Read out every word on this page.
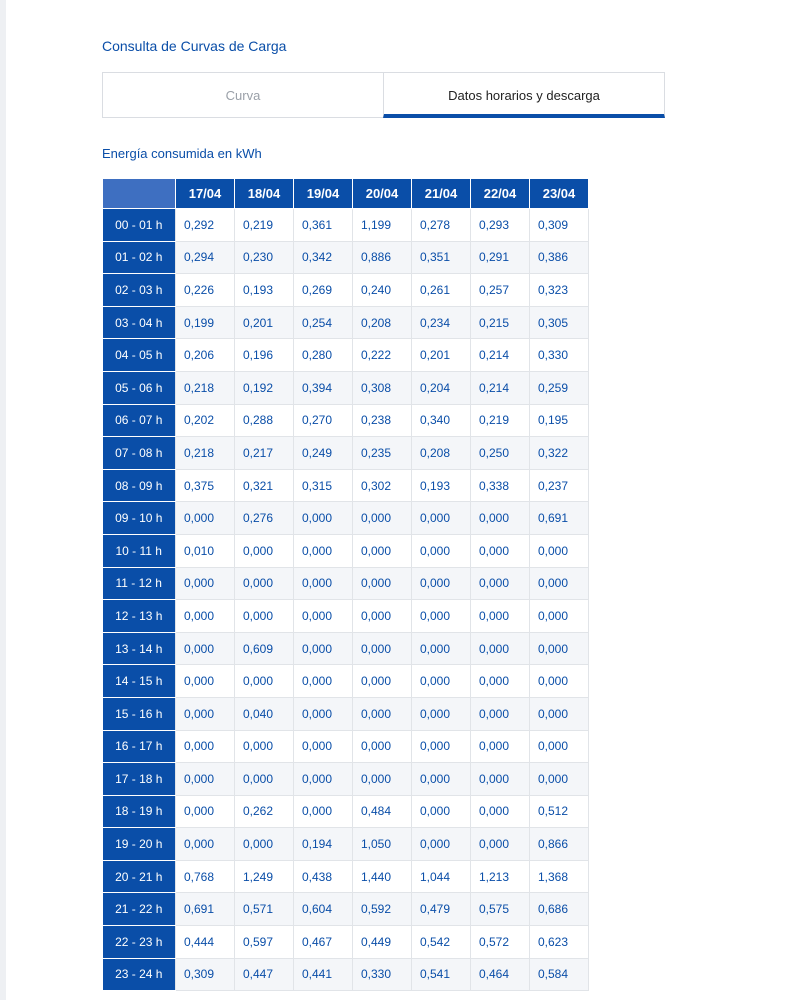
Consulta de Curvas de Carga
Curva	Datos horarios y descarga
Energía consumida en kWh
	17/04	18/04	19/04	20/04	21/04	22/04	23/04
00 - 01 h	0,292	0,219	0,361	1,199	0,278	0,293	0,309
01 - 02 h	0,294	0,230	0,342	0,886	0,351	0,291	0,386
02 - 03 h	0,226	0,193	0,269	0,240	0,261	0,257	0,323
03 - 04 h	0,199	0,201	0,254	0,208	0,234	0,215	0,305
04 - 05 h	0,206	0,196	0,280	0,222	0,201	0,214	0,330
05 - 06 h	0,218	0,192	0,394	0,308	0,204	0,214	0,259
06 - 07 h	0,202	0,288	0,270	0,238	0,340	0,219	0,195
07 - 08 h	0,218	0,217	0,249	0,235	0,208	0,250	0,322
08 - 09 h	0,375	0,321	0,315	0,302	0,193	0,338	0,237
09 - 10 h	0,000	0,276	0,000	0,000	0,000	0,000	0,691
10 - 11 h	0,010	0,000	0,000	0,000	0,000	0,000	0,000
11 - 12 h	0,000	0,000	0,000	0,000	0,000	0,000	0,000
12 - 13 h	0,000	0,000	0,000	0,000	0,000	0,000	0,000
13 - 14 h	0,000	0,609	0,000	0,000	0,000	0,000	0,000
14 - 15 h	0,000	0,000	0,000	0,000	0,000	0,000	0,000
15 - 16 h	0,000	0,040	0,000	0,000	0,000	0,000	0,000
16 - 17 h	0,000	0,000	0,000	0,000	0,000	0,000	0,000
17 - 18 h	0,000	0,000	0,000	0,000	0,000	0,000	0,000
18 - 19 h	0,000	0,262	0,000	0,484	0,000	0,000	0,512
19 - 20 h	0,000	0,000	0,194	1,050	0,000	0,000	0,866
20 - 21 h	0,768	1,249	0,438	1,440	1,044	1,213	1,368
21 - 22 h	0,691	0,571	0,604	0,592	0,479	0,575	0,686
22 - 23 h	0,444	0,597	0,467	0,449	0,542	0,572	0,623
23 - 24 h	0,309	0,447	0,441	0,330	0,541	0,464	0,584
